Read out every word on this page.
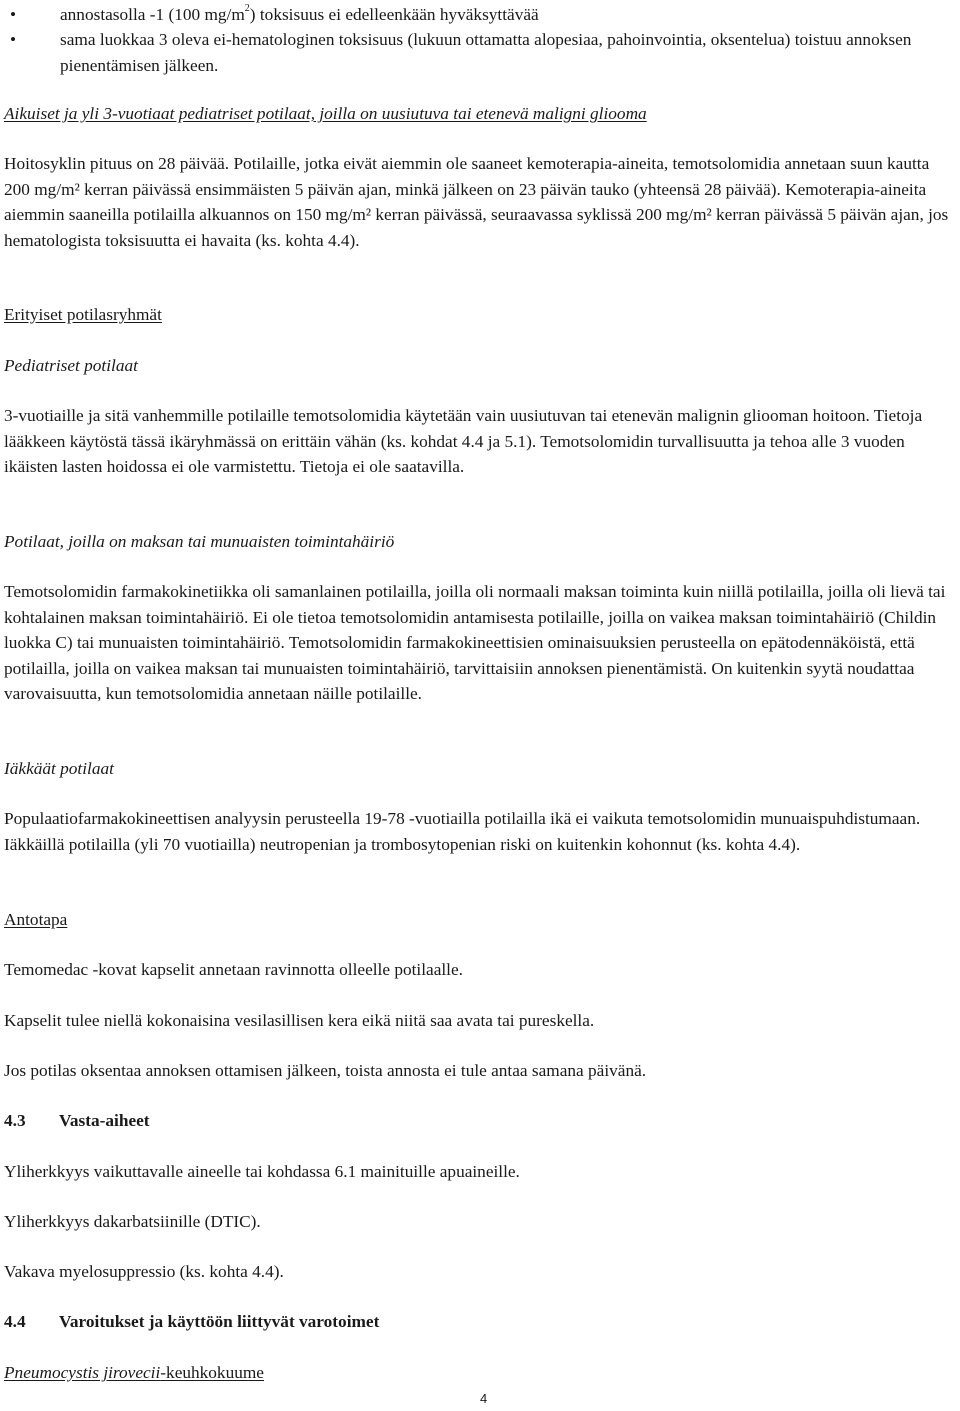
•	annostasolla -1 (100 $mg/m^2$) toksisuus ei edelleenkään hyväksyttävää
•	sama luokkaa 3 oleva ei-hematologinen toksisuus (lukuun ottamatta alopesiaa, pahoinvointia, oksentelua) toistuu annoksen pienentämisen jälkeen.

Aikuiset ja yli 3-vuotiaat pediatriset potilaat, joilla on uusiutuva tai etenevä maligni glioomа

Hoitosyklin pituus on 28 päivää. Potilaille, jotka eivät aiemmin ole saaneet kemoterapia-aineita, temotsolomidia annetaan suun kautta 200 mg/m² kerran päivässä ensimmäisten 5 päivän ajan, minkä jälkeen on 23 päivän tauko (yhteensä 28 päivää). Kemoterapia-aineita aiemmin saaneilla potilailla alkuannos on 150 mg/m² kerran päivässä, seuraavassa syklissä 200 mg/m² kerran päivässä 5 päivän ajan, jos hematologista toksisuutta ei havaita (ks. kohta 4.4).

Erityiset potilasryhmät

Pediatriset potilaat

3-vuotiaille ja sitä vanhemmille potilaille temotsolomidia käytetään vain uusiutuvan tai etenevän malignin gliooman hoitoon. Tietoja lääkkeen käytöstä tässä ikäryhmässä on erittäin vähän (ks. kohdat 4.4 ja 5.1). Temotsolomidin turvallisuutta ja tehoa alle 3 vuoden ikäisten lasten hoidossa ei ole varmistettu. Tietoja ei ole saatavilla.

Potilaat, joilla on maksan tai munuaisten toimintahäiriö

Temotsolomidin farmakokinetiikka oli samanlainen potilailla, joilla oli normaali maksan toiminta kuin niillä potilailla, joilla oli lievä tai kohtalainen maksan toimintahäiriö. Ei ole tietoa temotsolomidin antamisesta potilaille, joilla on vaikea maksan toimintahäiriö (Childin luokka C) tai munuaisten toimintahäiriö. Temotsolomidin farmakokineettisien ominaisuuksien perusteella on epätodennäköistä, että potilailla, joilla on vaikea maksan tai munuaisten toimintahäiriö, tarvittaisiin annoksen pienentämistä. On kuitenkin syytä noudattaa varovaisuutta, kun temotsolomidia annetaan näille potilaille.

Iäkkäät potilaat

Populaatiofarmakokineettisen analyysin perusteella 19-78 -vuotiailla potilailla ikä ei vaikuta temotsolomidin munuaispuhdistumaan. Iäkkäillä potilailla (yli 70 vuotiailla) neutropenian ja trombosytopenian riski on kuitenkin kohonnut (ks. kohta 4.4).

Antotapa

Temomedac -kovat kapselit annetaan ravinnotta olleelle potilaalle.

Kapselit tulee niellä kokonaisina vesilasillisen kera eikä niitä saa avata tai pureskella.

Jos potilas oksentaa annoksen ottamisen jälkeen, toista annosta ei tule antaa samana päivänä.

4.3 Vasta-aiheet

Yliherkkyys vaikuttavalle aineelle tai kohdassa 6.1 mainituille apuaineille.

Yliherkkyys dakarbatsiinille (DTIC).

Vakava myelosuppressio (ks. kohta 4.4).

4.4 Varoitukset ja käyttöön liittyvät varotoimet

Pneumocystis jirovecii-keuhkokuume

4
